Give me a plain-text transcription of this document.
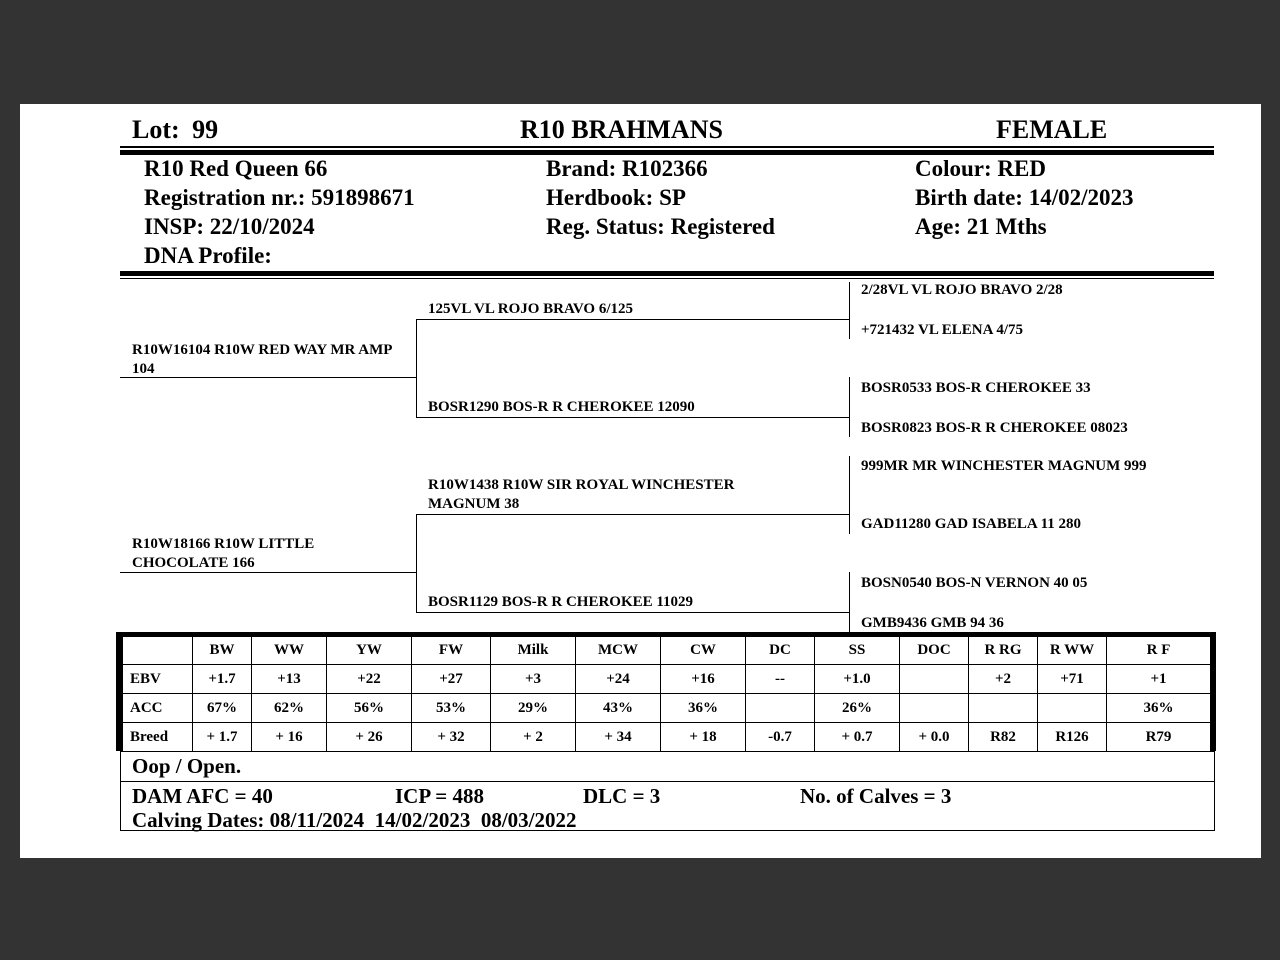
Lot: 99	R10 BRAHMANS	FEMALE
R10 Red Queen 66
Registration nr.: 591898671
INSP: 22/10/2024
DNA Profile:
Brand: R102366
Herdbook: SP
Reg. Status: Registered
Colour: RED
Birth date: 14/02/2023
Age: 21 Mths
R10W16104 R10W RED WAY MR AMP 104
125VL VL ROJO BRAVO 6/125
BOSR1290 BOS-R R CHEROKEE 12090
2/28VL VL ROJO BRAVO 2/28
+721432 VL ELENA 4/75
BOSR0533 BOS-R CHEROKEE 33
BOSR0823 BOS-R R CHEROKEE 08023
R10W18166 R10W LITTLE CHOCOLATE 166
R10W1438 R10W SIR ROYAL WINCHESTER MAGNUM 38
BOSR1129 BOS-R R CHEROKEE 11029
999MR MR WINCHESTER MAGNUM 999
GAD11280 GAD ISABELA 11 280
BOSN0540 BOS-N VERNON 40 05
GMB9436 GMB 94 36
	BW	WW	YW	FW	Milk	MCW	CW	DC	SS	DOC	R RG	R WW	R F
EBV	+1.7	+13	+22	+27	+3	+24	+16	--	+1.0		+2	+71	+1
ACC	67%	62%	56%	53%	29%	43%	36%		26%				36%
Breed	+ 1.7	+ 16	+ 26	+ 32	+ 2	+ 34	+ 18	-0.7	+ 0.7	+ 0.0	R82	R126	R79
Oop / Open.
DAM AFC = 40	ICP = 488	DLC = 3	No. of Calves = 3
Calving Dates: 08/11/2024  14/02/2023  08/03/2022
